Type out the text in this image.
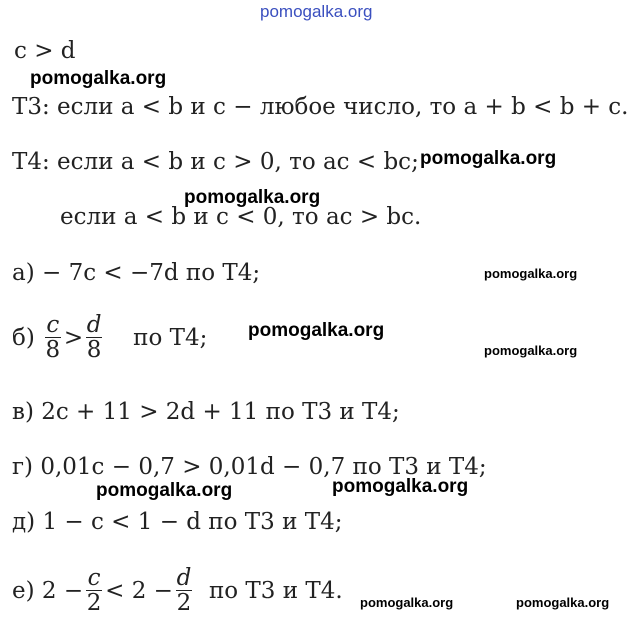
pomogalka.org
c > d
pomogalka.org
Т3: если a < b и c − любое число, то a + b < b + c.
Т4: если a < b и c > 0, то ac < bc; pomogalka.org
pomogalka.org
если a < b и c < 0, то ac > bc.
а) − 7c < −7d по Т4;	pomogalka.org
$б) \frac{c}{8} > \frac{d}{8}$ по Т4; pomogalka.org
pomogalka.org
в) 2c + 11 > 2d + 11 по Т3 и Т4;
г) 0,01c − 0,7 > 0,01d − 0,7 по Т3 и Т4;
pomogalka.org	pomogalka.org
д) 1 − c < 1 − d по Т3 и Т4;
е) $2 - \frac{c}{2} < 2 - \frac{d}{2}$ по Т3 и Т4. pomogalka.org	pomogalka.org
